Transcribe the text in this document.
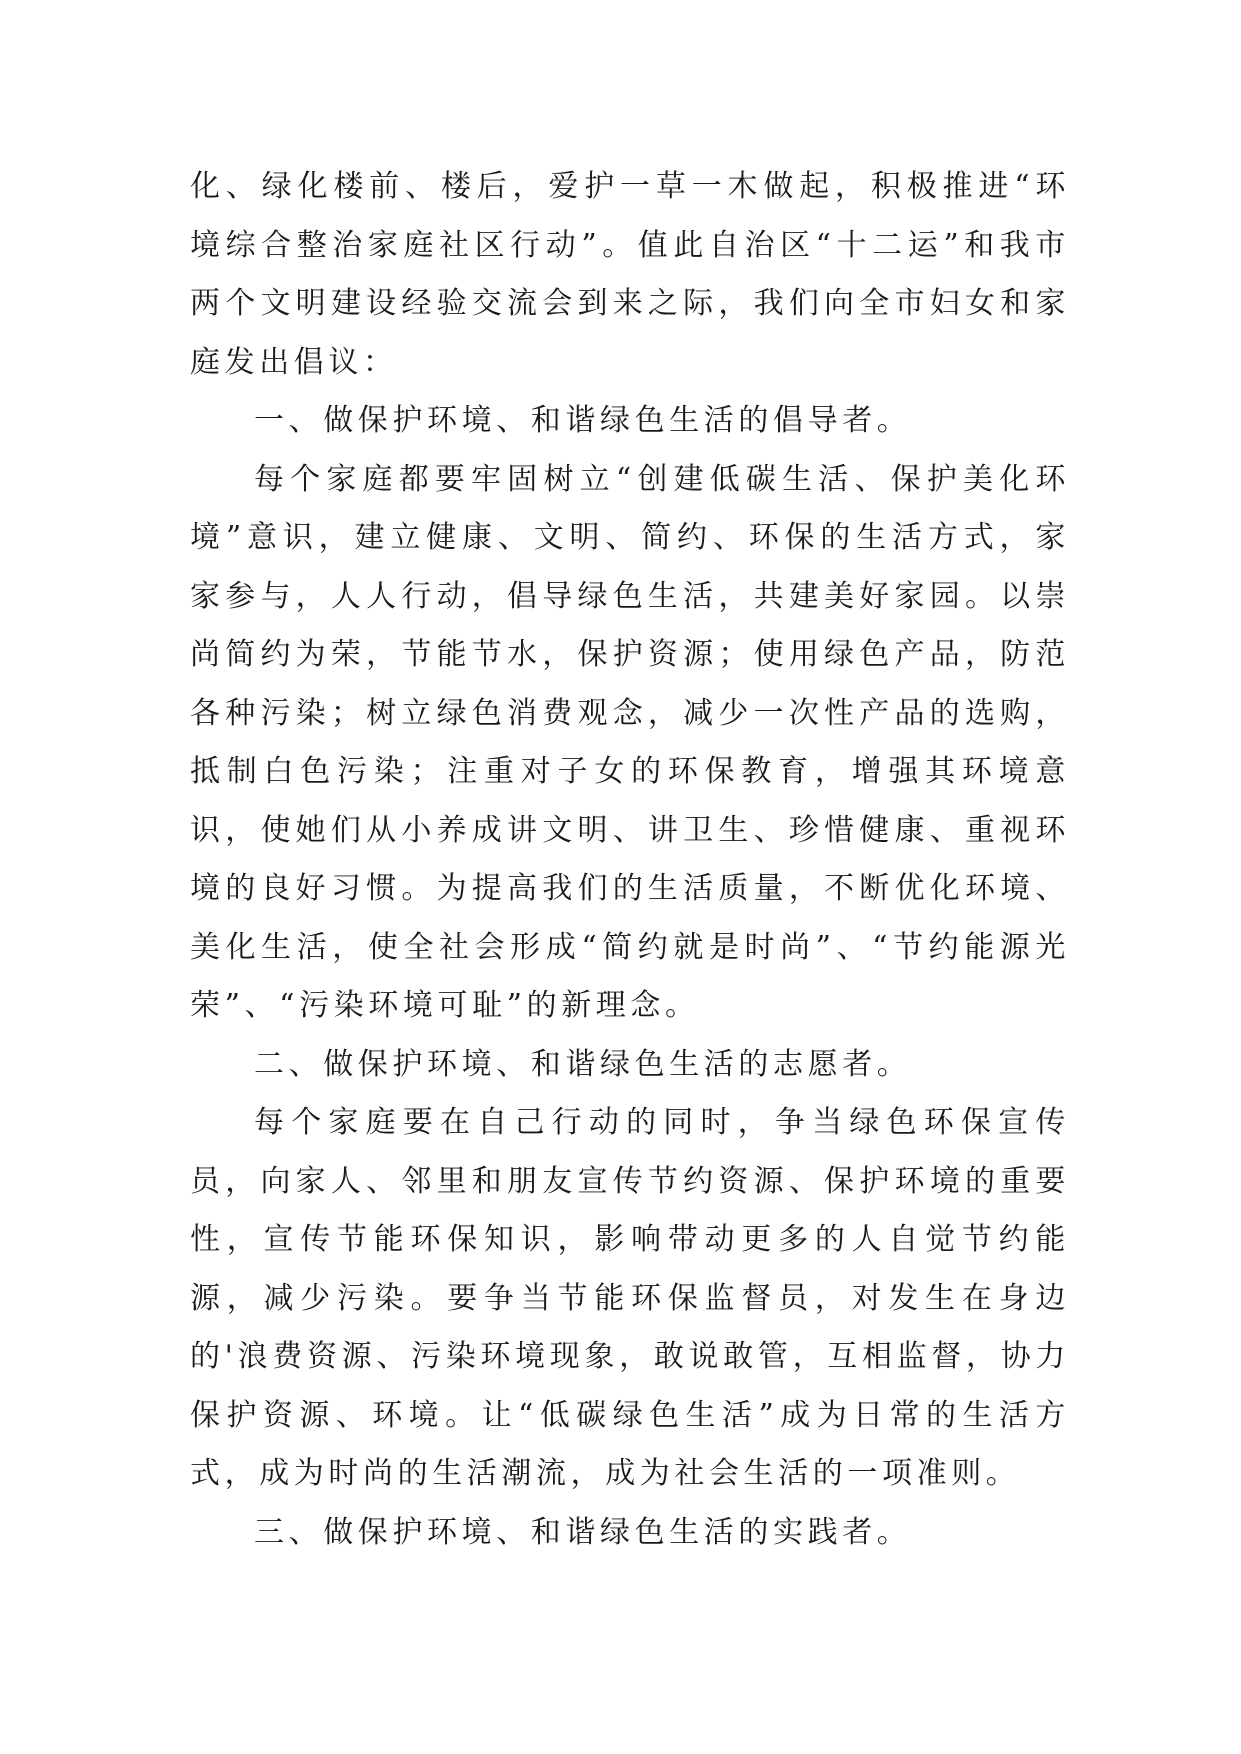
化、绿化楼前、楼后，爱护一草一木做起，积极推进“环境综合整治家庭社区行动”。值此自治区“十二运”和我市两个文明建设经验交流会到来之际，我们向全市妇女和家庭发出倡议：

一、做保护环境、和谐绿色生活的倡导者。

每个家庭都要牢固树立“创建低碳生活、保护美化环境”意识，建立健康、文明、简约、环保的生活方式，家家参与，人人行动，倡导绿色生活，共建美好家园。以崇尚简约为荣，节能节水，保护资源；使用绿色产品，防范各种污染；树立绿色消费观念，减少一次性产品的选购，抵制白色污染；注重对子女的环保教育，增强其环境意识，使她们从小养成讲文明、讲卫生、珍惜健康、重视环境的良好习惯。为提高我们的生活质量，不断优化环境、美化生活，使全社会形成“简约就是时尚”、“节约能源光荣”、“污染环境可耻”的新理念。

二、做保护环境、和谐绿色生活的志愿者。

每个家庭要在自己行动的同时，争当绿色环保宣传员，向家人、邻里和朋友宣传节约资源、保护环境的重要性，宣传节能环保知识，影响带动更多的人自觉节约能源，减少污染。要争当节能环保监督员，对发生在身边的'浪费资源、污染环境现象，敢说敢管，互相监督，协力保护资源、环境。让“低碳绿色生活”成为日常的生活方式，成为时尚的生活潮流，成为社会生活的一项准则。

三、做保护环境、和谐绿色生活的实践者。
